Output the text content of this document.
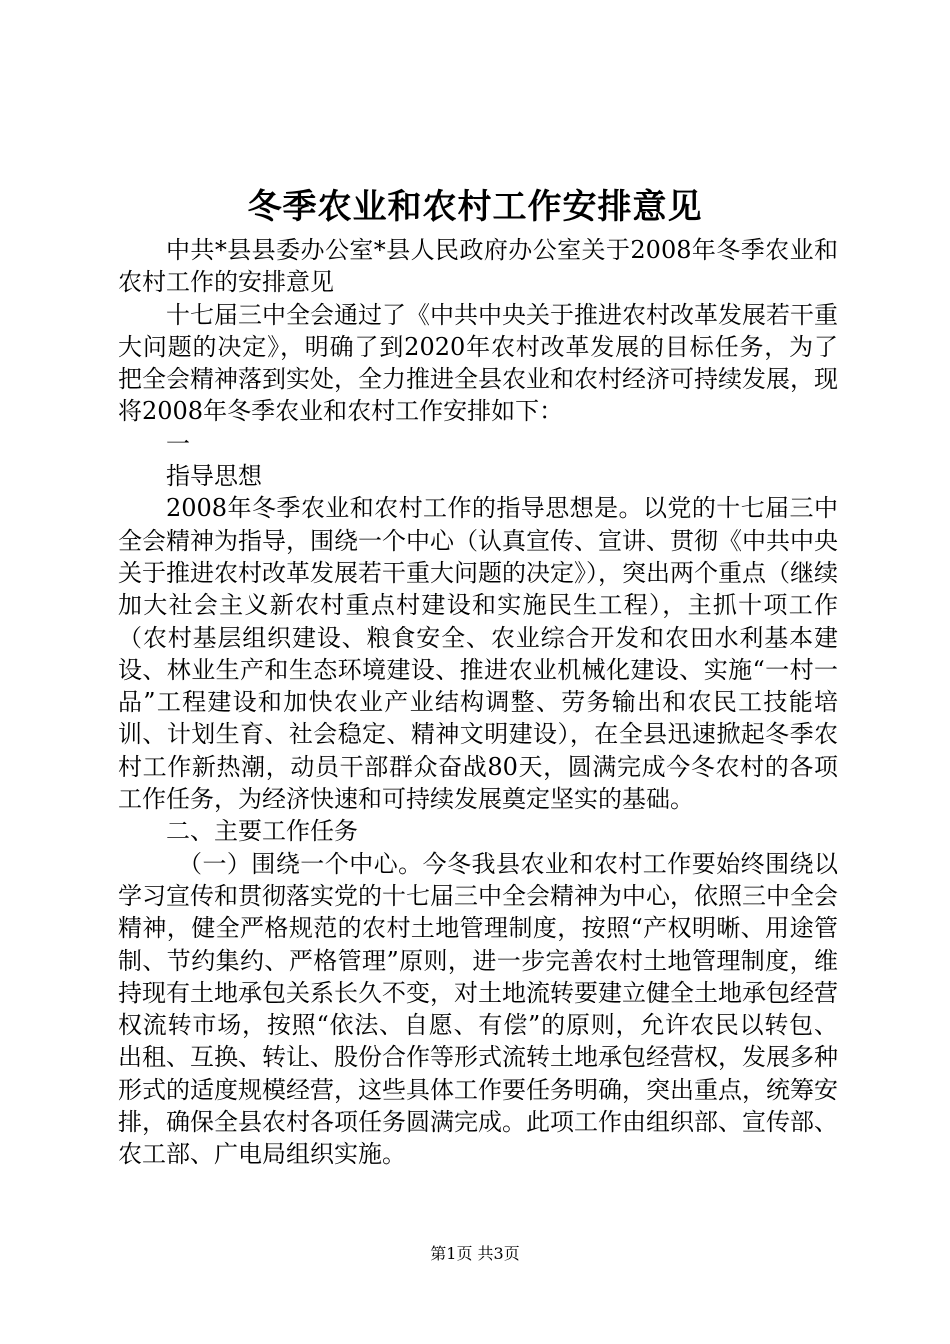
冬季农业和农村工作安排意见

中共*县县委办公室*县人民政府办公室关于2008年冬季农业和农村工作的安排意见

十七届三中全会通过了《中共中央关于推进农村改革发展若干重大问题的决定》，明确了到2020年农村改革发展的目标任务，为了把全会精神落到实处，全力推进全县农业和农村经济可持续发展，现将2008年冬季农业和农村工作安排如下：

一

指导思想

2008年冬季农业和农村工作的指导思想是。以党的十七届三中全会精神为指导，围绕一个中心（认真宣传、宣讲、贯彻《中共中央关于推进农村改革发展若干重大问题的决定》），突出两个重点（继续加大社会主义新农村重点村建设和实施民生工程），主抓十项工作（农村基层组织建设、粮食安全、农业综合开发和农田水利基本建设、林业生产和生态环境建设、推进农业机械化建设、实施“一村一品”工程建设和加快农业产业结构调整、劳务输出和农民工技能培训、计划生育、社会稳定、精神文明建设），在全县迅速掀起冬季农村工作新热潮，动员干部群众奋战80天，圆满完成今冬农村的各项工作任务，为经济快速和可持续发展奠定坚实的基础。

二、主要工作任务

（一）围绕一个中心。今冬我县农业和农村工作要始终围绕以学习宣传和贯彻落实党的十七届三中全会精神为中心，依照三中全会精神，健全严格规范的农村土地管理制度，按照“产权明晰、用途管制、节约集约、严格管理”原则，进一步完善农村土地管理制度，维持现有土地承包关系长久不变，对土地流转要建立健全土地承包经营权流转市场，按照“依法、自愿、有偿”的原则，允许农民以转包、出租、互换、转让、股份合作等形式流转土地承包经营权，发展多种形式的适度规模经营，这些具体工作要任务明确，突出重点，统筹安排，确保全县农村各项任务圆满完成。此项工作由组织部、宣传部、农工部、广电局组织实施。

第1页 共3页
